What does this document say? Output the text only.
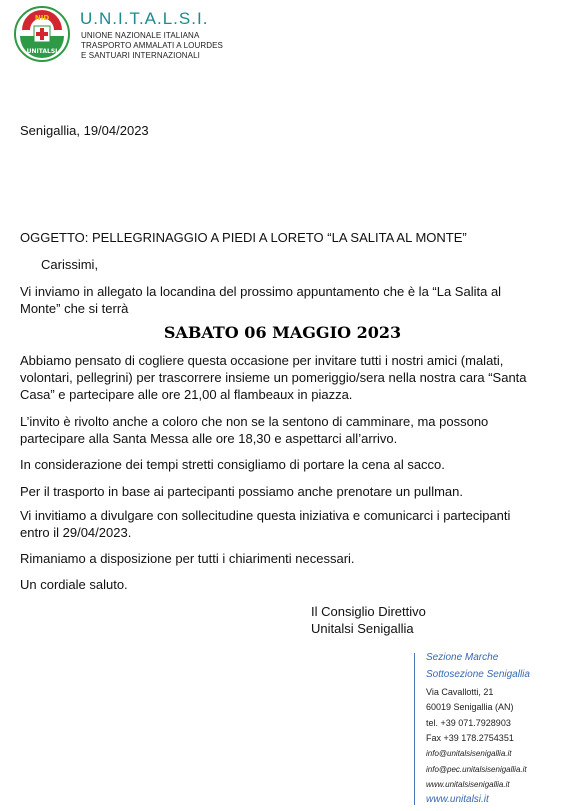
NID
UNITALSI
MARTO U.N.I.T.A.L.S.I.
UNIONE NAZIONALE ITALIANA
TRASPORTO AMMALATI A LOURDES
E SANTUARI INTERNAZIONALI
Senigallia, 19/04/2023
OGGETTO: PELLEGRINAGGIO A PIEDI A LORETO “LA SALITA AL MONTE”
Carissimi,
Vi inviamo in allegato la locandina del prossimo appuntamento che è la “La Salita al
Monte” che si terrà
SABATO 06 MAGGIO 2023
Abbiamo pensato di cogliere questa occasione per invitare tutti i nostri amici (malati,
volontari, pellegrini) per trascorrere insieme un pomeriggio/sera nella nostra cara “Santa
Casa” e partecipare alle ore 21,00 al flambeaux in piazza.
L’invito è rivolto anche a coloro che non se la sentono di camminare, ma possono
partecipare alla Santa Messa alle ore 18,30 e aspettarci all’arrivo.
In considerazione dei tempi stretti consigliamo di portare la cena al sacco.
Per il trasporto in base ai partecipanti possiamo anche prenotare un pullman.
Vi invitiamo a divulgare con sollecitudine questa iniziativa e comunicarci i partecipanti
entro il 29/04/2023.
Rimaniamo a disposizione per tutti i chiarimenti necessari.
Un cordiale saluto.
Il Consiglio Direttivo
Unitalsi Senigallia
Sezione Marche
Sottosezione Senigallia
Via Cavallotti, 21
60019 Senigallia (AN)
tel. +39 071.7928903
Fax +39 178.2754351
info@unitalsisenigallia.it
info@pec.unitalsisenigallia.it
www.unitalsisenigallia.it
www.unitalsi.it
